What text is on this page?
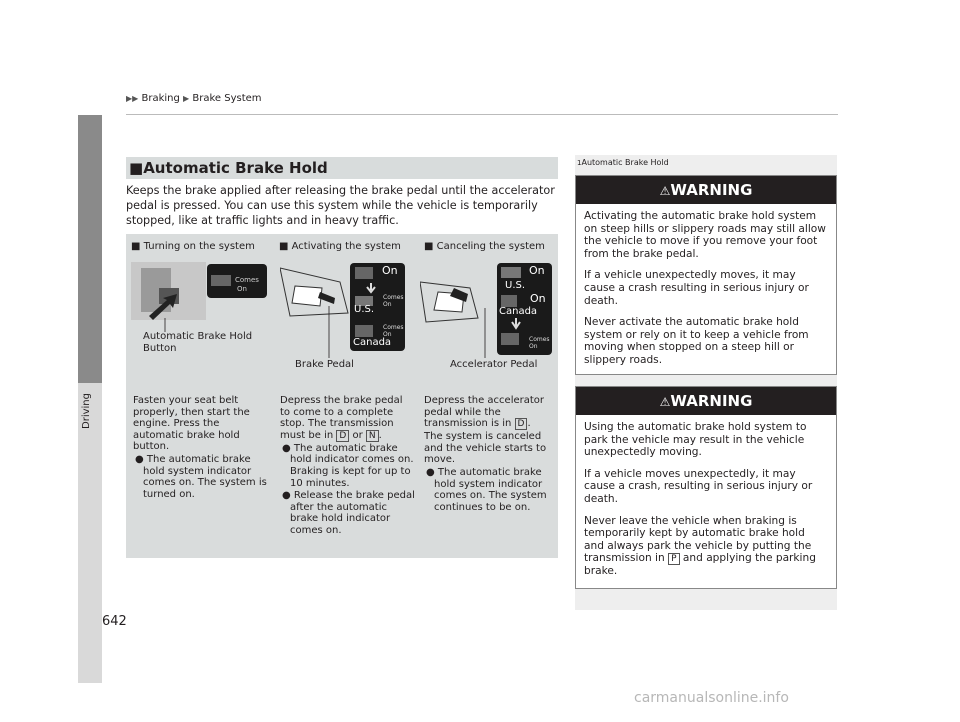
▶▶ Braking ▶ Brake System
Driving
642
■Automatic Brake Hold
Keeps the brake applied after releasing the brake pedal until the accelerator pedal is pressed. You can use this system while the vehicle is temporarily stopped, like at traffic lights and in heavy traffic.
■ Turning on the system ■ Activating the system ■ Canceling the system
Comes
On
Automatic Brake Hold Button
On
Comes On
U.S.
Comes On
Canada
Brake Pedal
On
U.S.
On
Canada
Comes On
Accelerator Pedal

Fasten your seat belt properly, then start the engine. Press the automatic brake hold button.

● The automatic brake hold system indicator comes on. The system is turned on.

Depress the brake pedal to come to a complete stop. The transmission must be in D or N .

● The automatic brake hold indicator comes on. Braking is kept for up to 10 minutes.

● Release the brake pedal after the automatic brake hold indicator comes on.

Depress the accelerator pedal while the transmission is in D .

The system is canceled and the vehicle starts to move.

● The automatic brake hold system indicator comes on. The system continues to be on.

1Automatic Brake Hold
⚠WARNING

Activating the automatic brake hold system on steep hills or slippery roads may still allow the vehicle to move if you remove your foot from the brake pedal.

If a vehicle unexpectedly moves, it may cause a crash resulting in serious injury or death.

Never activate the automatic brake hold system or rely on it to keep a vehicle from moving when stopped on a steep hill or slippery roads.

⚠WARNING

Using the automatic brake hold system to park the vehicle may result in the vehicle unexpectedly moving.

If a vehicle moves unexpectedly, it may cause a crash, resulting in serious injury or death.

Never leave the vehicle when braking is temporarily kept by automatic brake hold and always park the vehicle by putting the transmission in P and applying the parking brake.

carmanualsonline.info
